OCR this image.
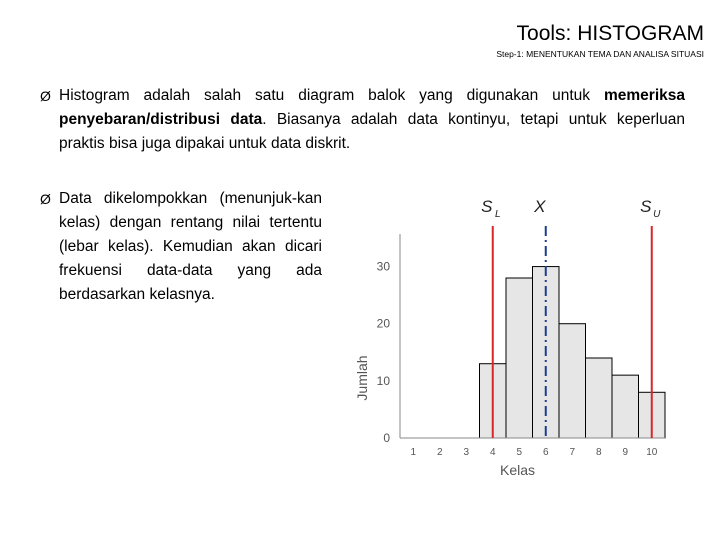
Tools: HISTOGRAM
Step-1: MENENTUKAN TEMA DAN ANALISA SITUASI
Ø Histogram adalah salah satu diagram balok yang digunakan untuk memeriksa penyebaran/distribusi data. Biasanya adalah data kontinyu, tetapi untuk keperluan praktis bisa juga dipakai untuk data diskrit.
Ø Data dikelompokkan (menunjuk-kan kelas) dengan rentang nilai tertentu (lebar kelas). Kemudian akan dicari frekuensi data-data yang ada berdasarkan kelasnya.
0
10
20
30
1 2 3 4 5 6 7 8 9 10
Kelas
Jumlah
S L X	S U
